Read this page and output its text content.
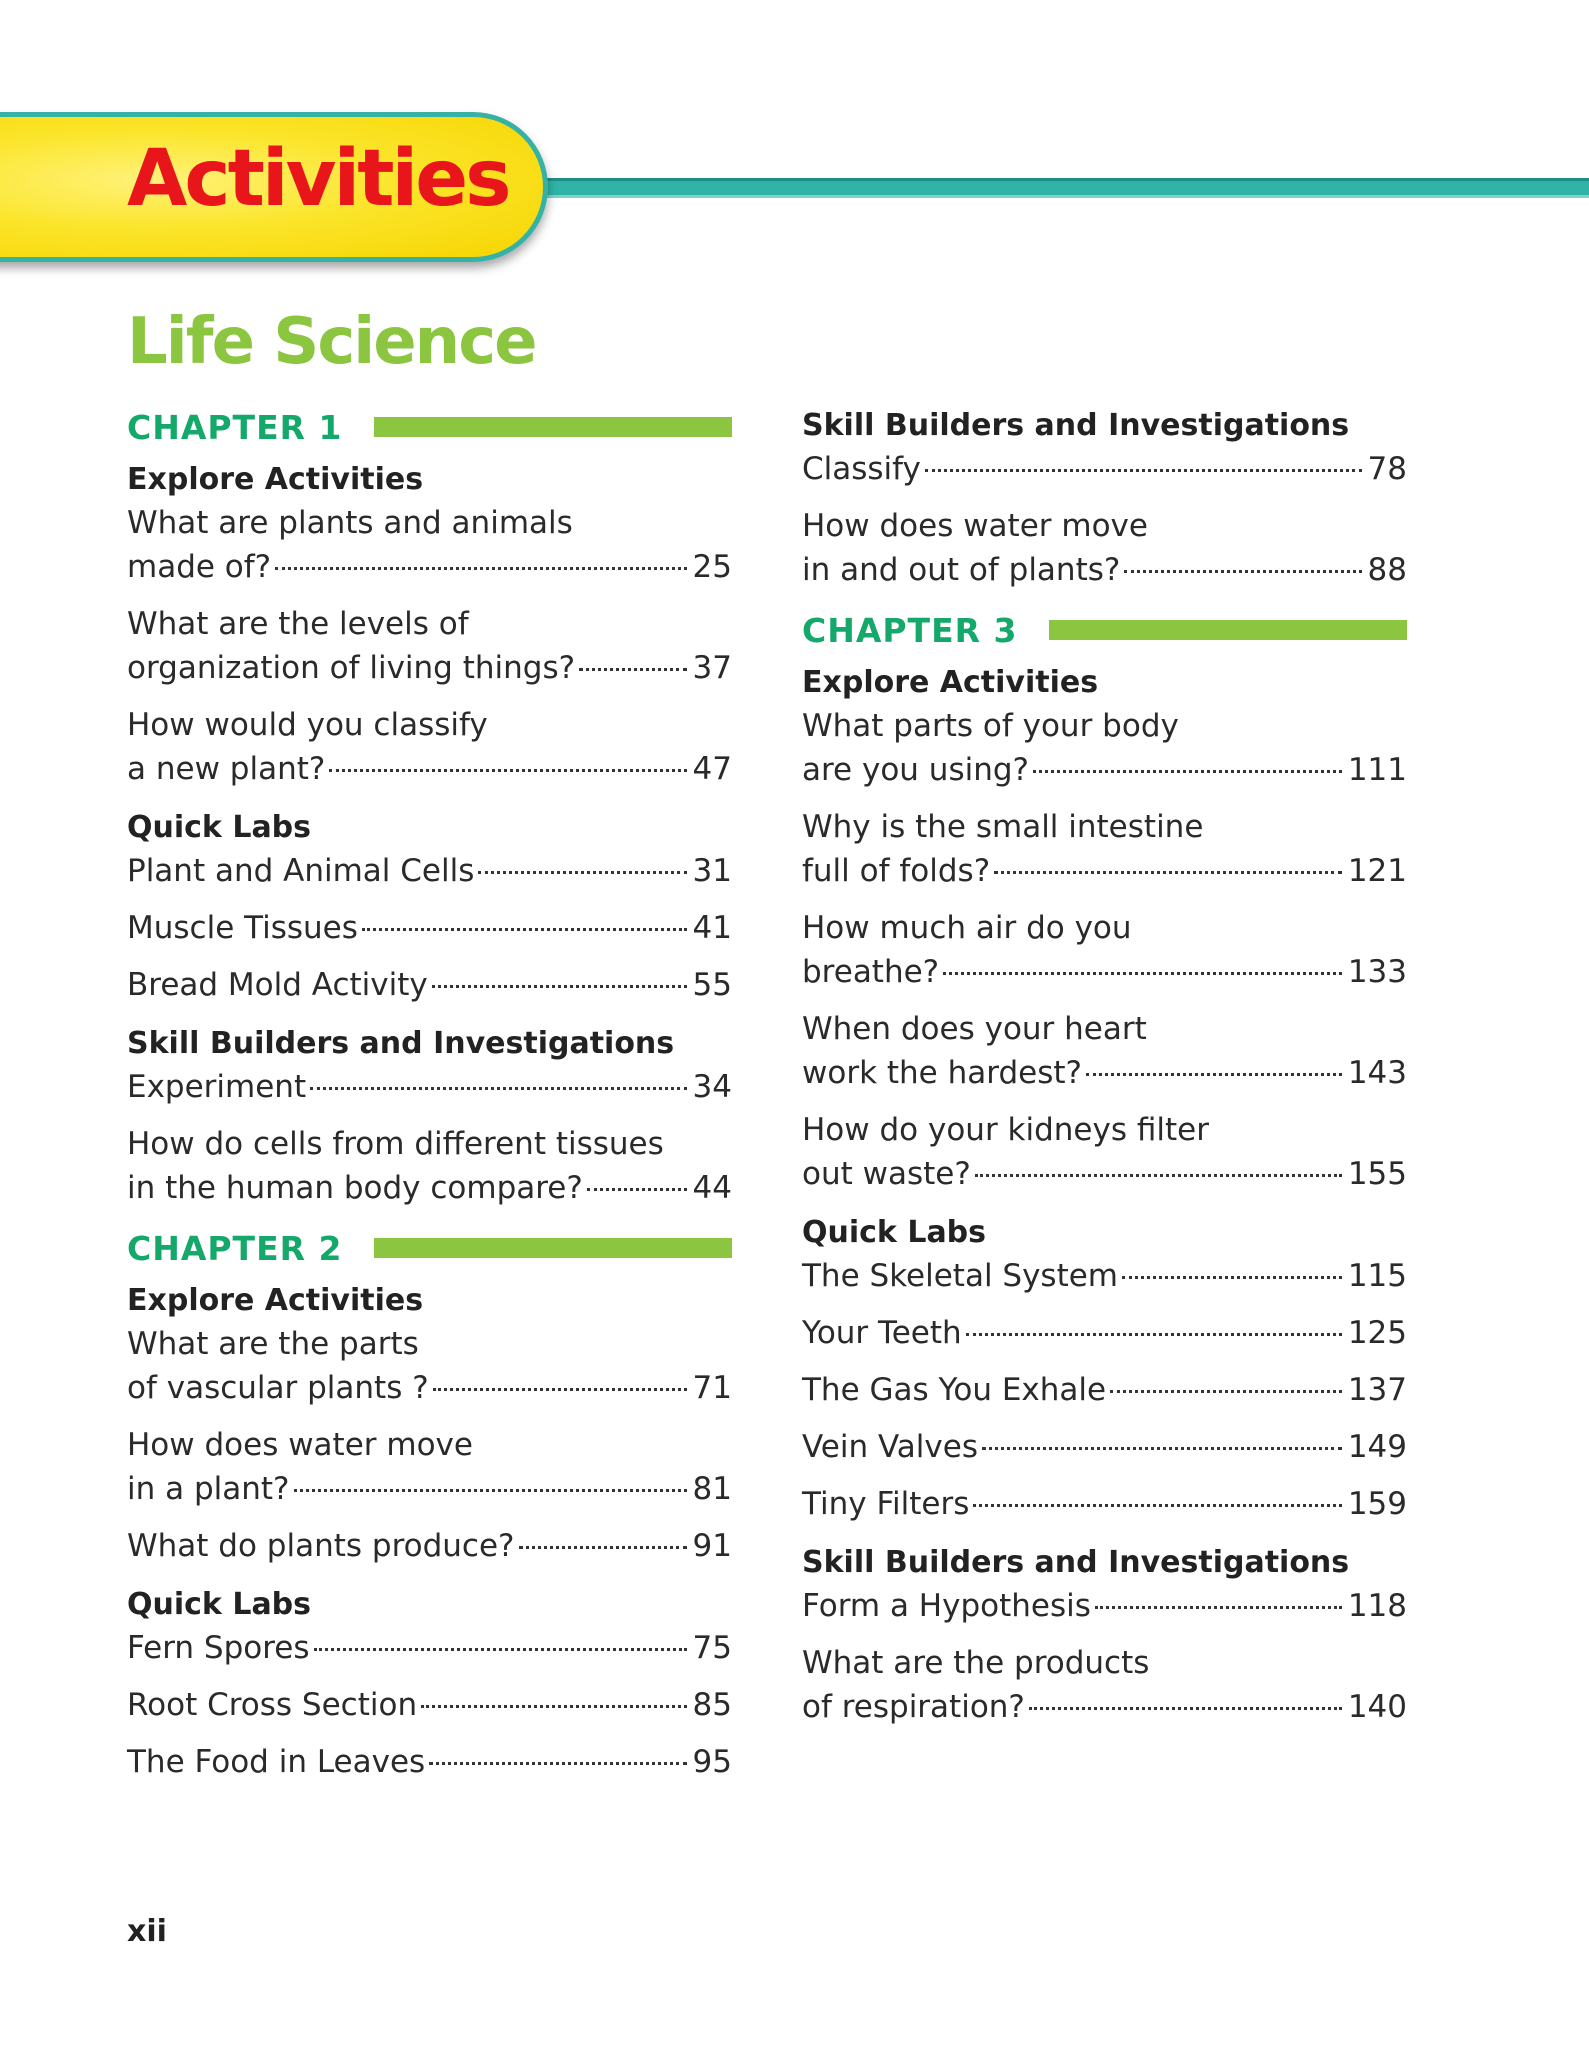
Activities
Life Science
CHAPTER 1
Explore Activities
What are plants and animals
made of?	25
What are the levels of
organization of living things?	37
How would you classify
a new plant?	47
Quick Labs
Plant and Animal Cells	31
Muscle Tissues	41
Bread Mold Activity	55
Skill Builders and Investigations
Experiment	34
How do cells from different tissues
in the human body compare?	44
CHAPTER 2
Explore Activities
What are the parts
of vascular plants ?	71
How does water move
in a plant?	81
What do plants produce?	91
Quick Labs
Fern Spores	75
Root Cross Section	85
The Food in Leaves	95
Skill Builders and Investigations
Classify	78
How does water move
in and out of plants?	88
CHAPTER 3
Explore Activities
What parts of your body
are you using?	111
Why is the small intestine
full of folds?	121
How much air do you
breathe?	133
When does your heart
work the hardest?	143
How do your kidneys filter
out waste?	155
Quick Labs
The Skeletal System	115
Your Teeth	125
The Gas You Exhale	137
Vein Valves	149
Tiny Filters	159
Skill Builders and Investigations
Form a Hypothesis	118
What are the products
of respiration?	140
xii
